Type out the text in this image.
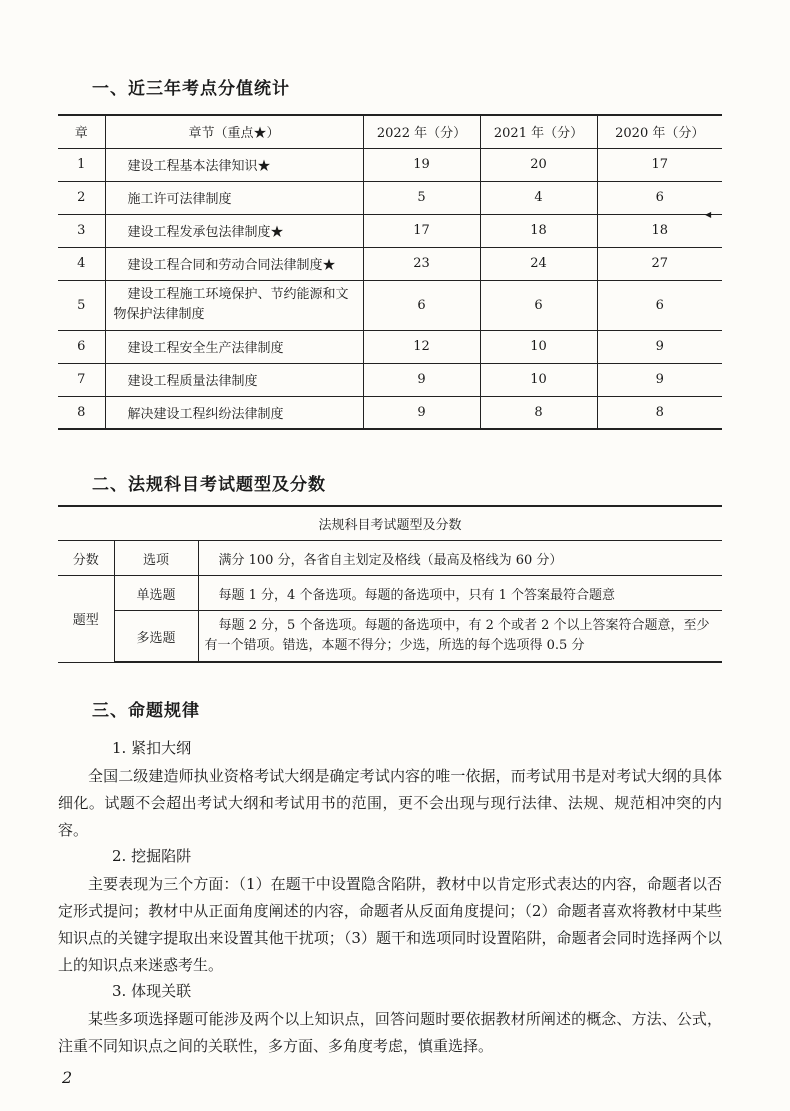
一、近三年考点分值统计
章	章节（重点★）	2022 年（分）	2021 年（分）	2020 年（分）
1	建设工程基本法律知识★	19	20	17
2	施工许可法律制度	5	4	6
3	建设工程发承包法律制度★	17	18	18
4	建设工程合同和劳动合同法律制度★	23	24	27
5	建设工程施工环境保护、节约能源和文物保护法律制度	6	6	6
6	建设工程安全生产法律制度	12	10	9
7	建设工程质量法律制度	9	10	9
8	解决建设工程纠纷法律制度	9	8	8
◀
二、法规科目考试题型及分数
法规科目考试题型及分数		
分数	选项	满分 100 分，各省自主划定及格线（最高及格线为 60 分）
题型	单选题	每题 1 分，4 个备选项。每题的备选项中，只有 1 个答案最符合题意
	多选题	每题 2 分，5 个备选项。每题的备选项中，有 2 个或者 2 个以上答案符合题意，至少有一个错项。错选，本题不得分；少选，所选的每个选项得 0.5 分
三、命题规律

1. 紧扣大纲

全国二级建造师执业资格考试大纲是确定考试内容的唯一依据，而考试用书是对考试大纲的具体细化。试题不会超出考试大纲和考试用书的范围，更不会出现与现行法律、法规、规范相冲突的内容。

2. 挖掘陷阱

主要表现为三个方面：（1）在题干中设置隐含陷阱，教材中以肯定形式表达的内容，命题者以否定形式提问；教材中从正面角度阐述的内容，命题者从反面角度提问；（2）命题者喜欢将教材中某些知识点的关键字提取出来设置其他干扰项；（3）题干和选项同时设置陷阱，命题者会同时选择两个以上的知识点来迷惑考生。

3. 体现关联

某些多项选择题可能涉及两个以上知识点，回答问题时要依据教材所阐述的概念、方法、公式，注重不同知识点之间的关联性，多方面、多角度考虑，慎重选择。

2
